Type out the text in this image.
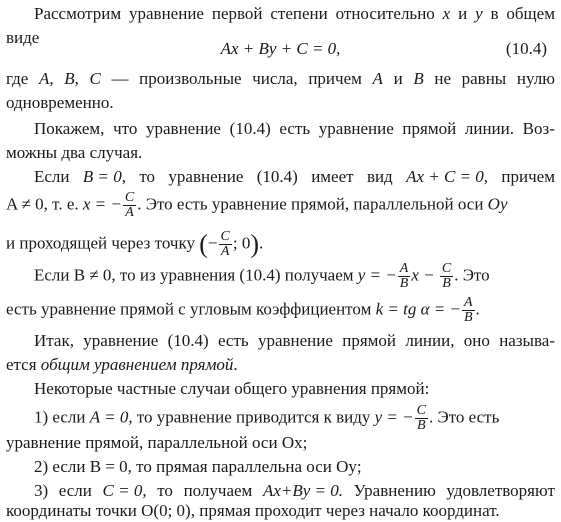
Рассмотрим уравнение первой степени относительно x и y в общем
виде
Ax + By + C = 0,	(10.4)
где A, B, C — произвольные числа, причем A и B не равны нулю
одновременно.
Покажем, что уравнение (10.4) есть уравнение прямой линии. Воз-
можны два случая.
Если B = 0, то уравнение (10.4) имеет вид Ax + C = 0, причем
A ≠ 0, т. е. x = − $\frac{C}{A}$ . Это есть уравнение прямой, параллельной оси Oy
и проходящей через точку (− $\frac{C}{A}$ ; 0).
Если B ≠ 0, то из уравнения (10.4) получаем y = − $\frac{A}{B}$ $x - \frac{C}{B}$ . Это
есть уравнение прямой с угловым коэффициентом k = tg α = − $\frac{A}{B}$ .
Итак, уравнение (10.4) есть уравнение прямой линии, оно называ-
ется общим уравнением прямой.
Некоторые частные случаи общего уравнения прямой:
1) если A = 0, то уравнение приводится к виду y = − $\frac{C}{B}$ . Это есть
уравнение прямой, параллельной оси Ox;
2) если B = 0, то прямая параллельна оси Oy;
3) если C = 0, то получаем Ax+By = 0. Уравнению удовлетворяют
координаты точки O(0; 0), прямая проходит через начало координат.
